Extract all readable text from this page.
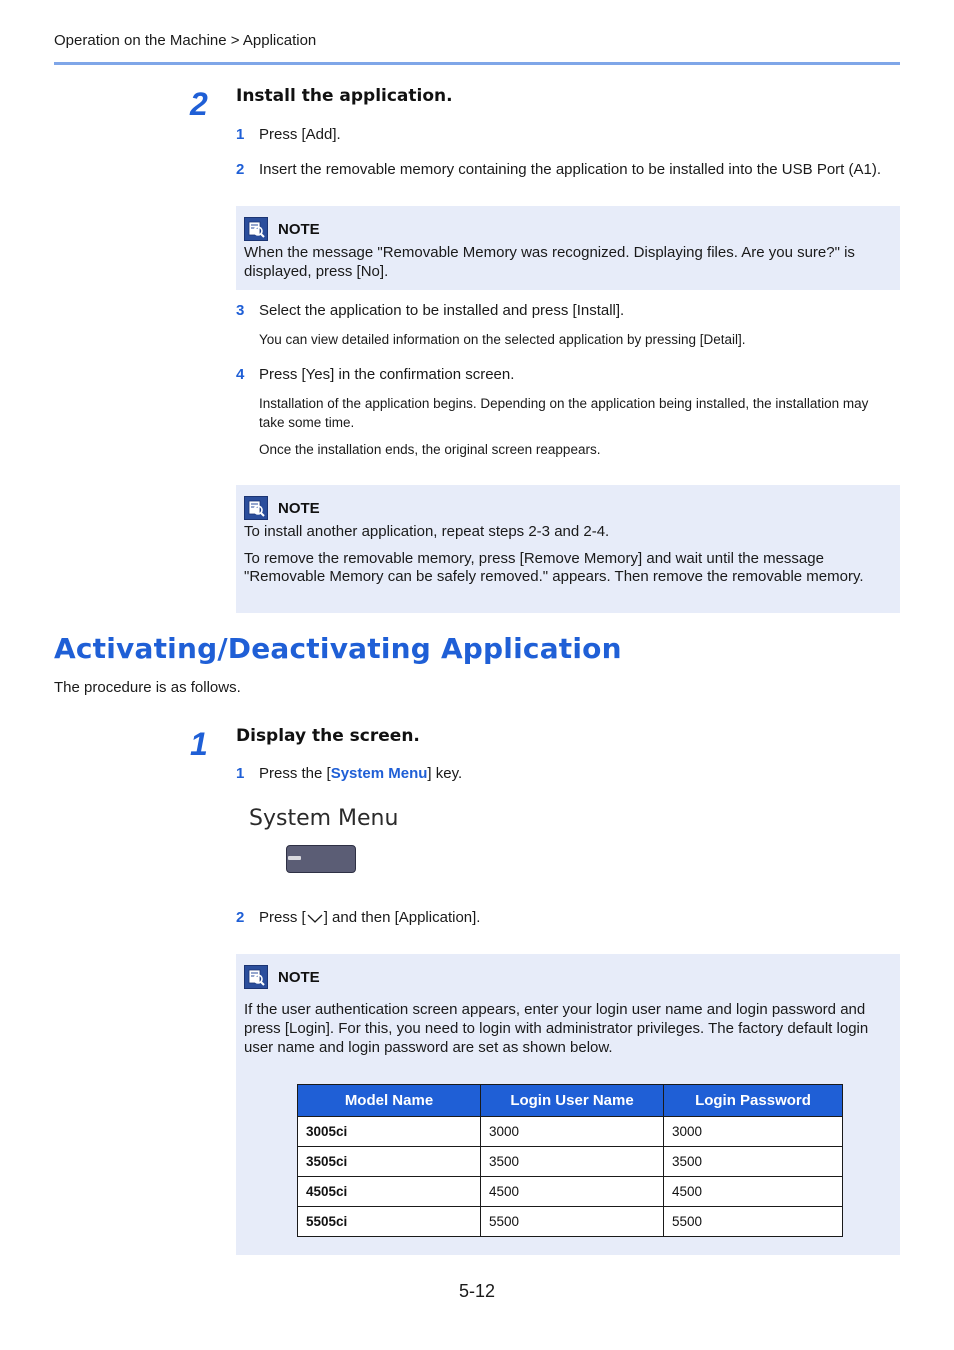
Operation on the Machine > Application
2 Install the application.
1 Press [Add].
2 Insert the removable memory containing the application to be installed into the USB Port (A1).
NOTE
When the message "Removable Memory was recognized. Displaying files. Are you sure?" is displayed, press [No].
3 Select the application to be installed and press [Install].
You can view detailed information on the selected application by pressing [Detail].
4 Press [Yes] in the confirmation screen.
Installation of the application begins. Depending on the application being installed, the installation may take some time.
Once the installation ends, the original screen reappears.
NOTE

To install another application, repeat steps 2-3 and 2-4.

To remove the removable memory, press [Remove Memory] and wait until the message "Removable Memory can be safely removed." appears. Then remove the removable memory.

Activating/Deactivating Application
The procedure is as follows.
1 Display the screen.
1 Press the [System Menu] key.
System Menu
2 Press [ ] and then [Application].
NOTE
If the user authentication screen appears, enter your login user name and login password and press [Login]. For this, you need to login with administrator privileges. The factory default login user name and login password are set as shown below.
Model Name	Login User Name	Login Password
3005ci	3000	3000
3505ci	3500	3500
4505ci	4500	4500
5505ci	5500	5500
5-12
